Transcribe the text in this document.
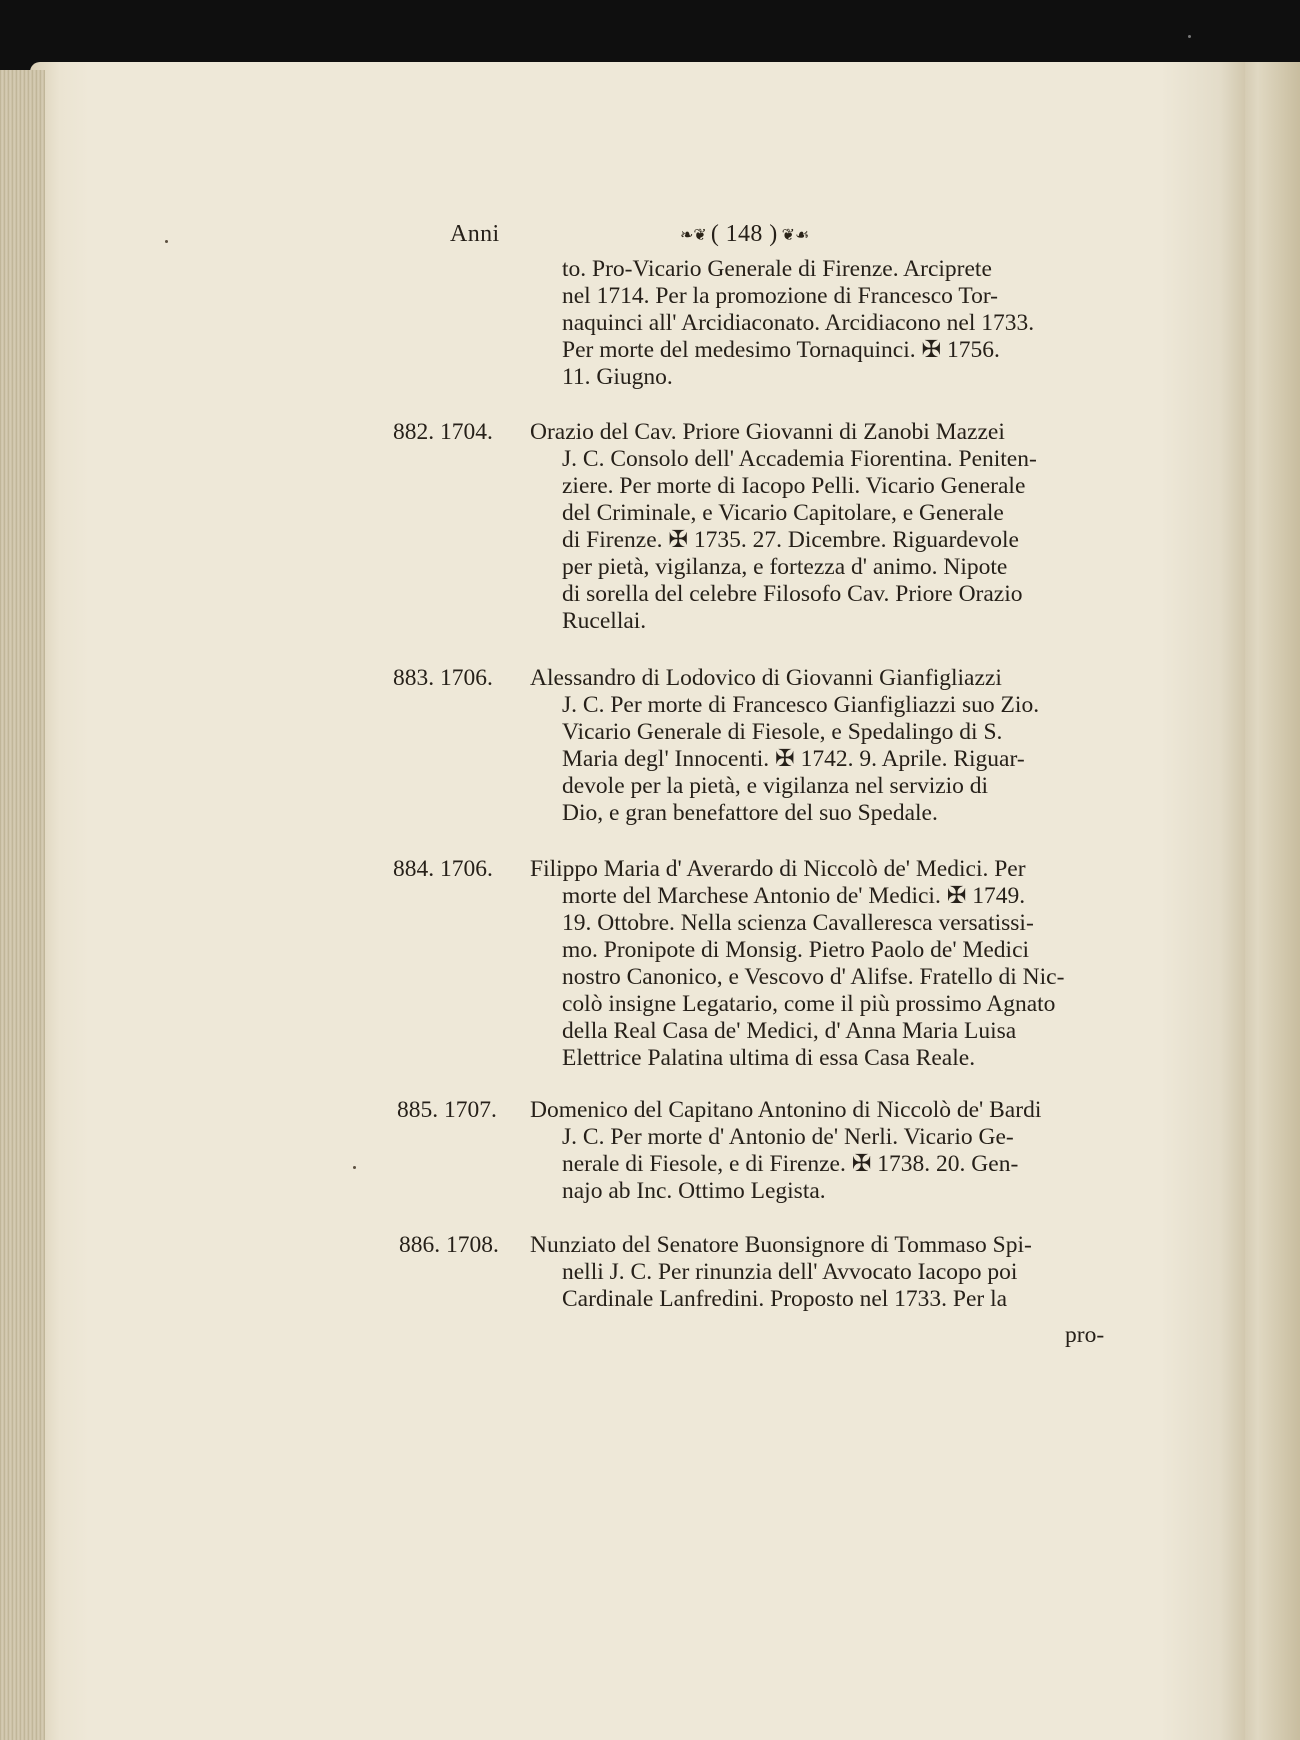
Anni	❧❦ ( 148 ) ❦☙
to. Pro-Vicario Generale di Firenze. Arciprete
nel 1714. Per la promozione di Francesco Tor-
naquinci all' Arcidiaconato. Arcidiacono nel 1733.
Per morte del medesimo Tornaquinci. ✠ 1756.
11. Giugno.
882. 1704. Orazio del Cav. Priore Giovanni di Zanobi Mazzei
J. C. Consolo dell' Accademia Fiorentina. Peniten-
ziere. Per morte di Iacopo Pelli. Vicario Generale
del Criminale, e Vicario Capitolare, e Generale
di Firenze. ✠ 1735. 27. Dicembre. Riguardevole
per pietà, vigilanza, e fortezza d' animo. Nipote
di sorella del celebre Filosofo Cav. Priore Orazio
Rucellai.
883. 1706. Alessandro di Lodovico di Giovanni Gianfigliazzi
J. C. Per morte di Francesco Gianfigliazzi suo Zio.
Vicario Generale di Fiesole, e Spedalingo di S.
Maria degl' Innocenti. ✠ 1742. 9. Aprile. Riguar-
devole per la pietà, e vigilanza nel servizio di
Dio, e gran benefattore del suo Spedale.
884. 1706. Filippo Maria d' Averardo di Niccolò de' Medici. Per
morte del Marchese Antonio de' Medici. ✠ 1749.
19. Ottobre. Nella scienza Cavalleresca versatissi-
mo. Pronipote di Monsig. Pietro Paolo de' Medici
nostro Canonico, e Vescovo d' Alifse. Fratello di Nic-
colò insigne Legatario, come il più prossimo Agnato
della Real Casa de' Medici, d' Anna Maria Luisa
Elettrice Palatina ultima di essa Casa Reale.
885. 1707. Domenico del Capitano Antonino di Niccolò de' Bardi
J. C. Per morte d' Antonio de' Nerli. Vicario Ge-
nerale di Fiesole, e di Firenze. ✠ 1738. 20. Gen-
najo ab Inc. Ottimo Legista.
886. 1708. Nunziato del Senatore Buonsignore di Tommaso Spi-
nelli J. C. Per rinunzia dell' Avvocato Iacopo poi
Cardinale Lanfredini. Proposto nel 1733. Per la
pro-
